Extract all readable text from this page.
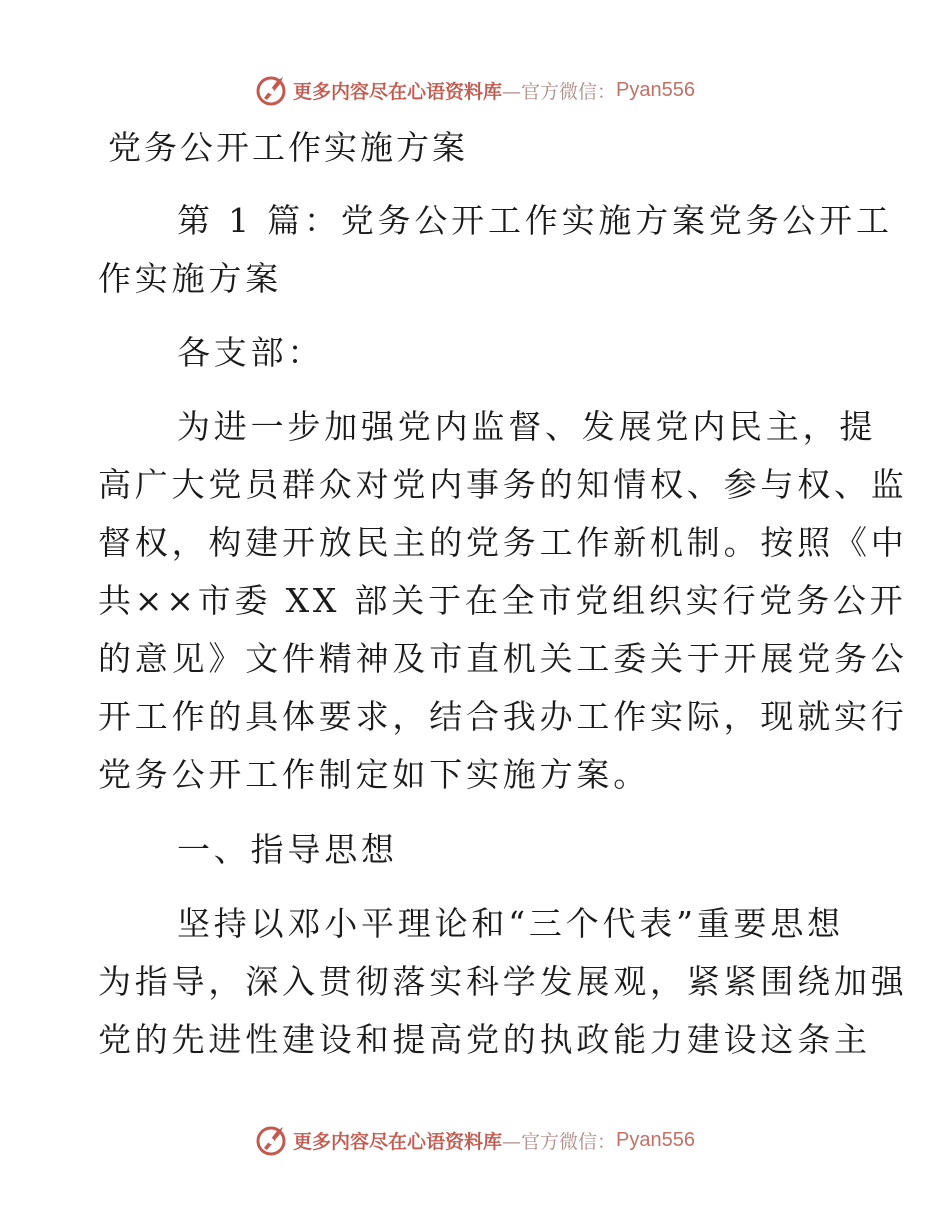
更多内容尽在心语资料库 —官方微信： Pyan556
党务公开工作实施方案
第 1 篇：党务公开工作实施方案党务公开工
作实施方案
各支部：
为进一步加强党内监督、发展党内民主，提
高广大党员群众对党内事务的知情权、参与权、监
督权，构建开放民主的党务工作新机制。按照《中
共××市委 XX 部关于在全市党组织实行党务公开
的意见》文件精神及市直机关工委关于开展党务公
开工作的具体要求，结合我办工作实际，现就实行
党务公开工作制定如下实施方案。
一、指导思想
坚持以邓小平理论和“三个代表”重要思想
为指导，深入贯彻落实科学发展观，紧紧围绕加强
党的先进性建设和提高党的执政能力建设这条主
更多内容尽在心语资料库 —官方微信： Pyan556
